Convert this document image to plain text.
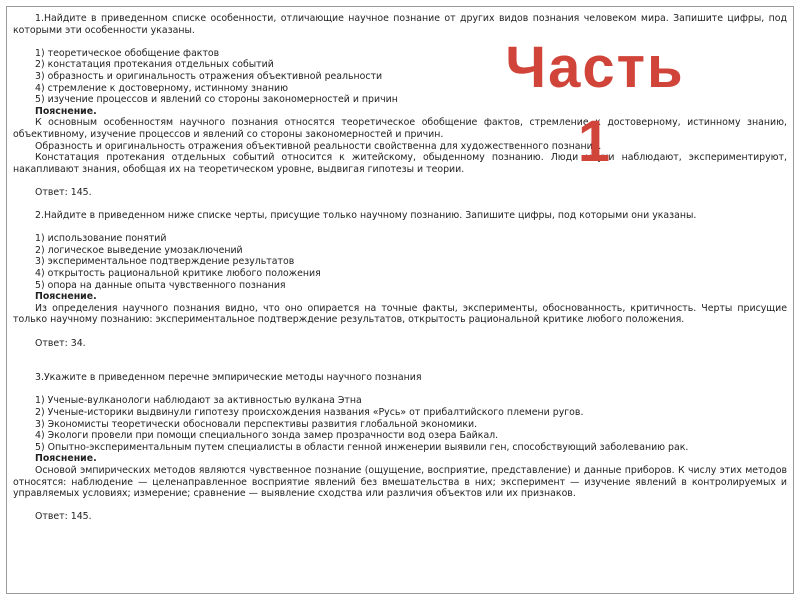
1.Найдите в приведенном списке особенности, отличающие научное познание от других видов познания человеком мира. Запишите цифры, под которыми эти особенности указаны.

1) теоретическое обобщение фактов

2) констатация протекания отдельных событий

3) образность и оригинальность отражения объективной реальности

4) стремление к достоверному, истинному знанию

5) изучение процессов и явлений со стороны закономерностей и причин

Пояснение.

К основным особенностям научного познания относятся теоретическое обобщение фактов, стремление к достоверному, истинному знанию, объективному, изучение процессов и явлений со стороны закономерностей и причин.

Образность и оригинальность отражения объективной реальности свойственна для художественного познания.

Констатация протекания отдельных событий относится к житейскому, обыденному познанию. Люди науки наблюдают, экспериментируют, накапливают знания, обобщая их на теоретическом уровне, выдвигая гипотезы и теории.

Ответ: 145.

2.Найдите в приведенном ниже списке черты, присущие только научному познанию. Запишите цифры, под которыми они указаны.

1) использование понятий

2) логическое выведение умозаключений

3) экспериментальное подтверждение результатов

4) открытость рациональной критике любого положения

5) опора на данные опыта чувственного познания

Пояснение.

Из определения научного познания видно, что оно опирается на точные факты, эксперименты, обоснованность, критичность. Черты присущие только научному познанию: экспериментальное подтверждение результатов, открытость рациональной критике любого положения.

Ответ: 34.

3.Укажите в приведенном перечне эмпирические методы научного познания

1) Ученые-вулканологи наблюдают за активностью вулкана Этна

2) Ученые-историки выдвинули гипотезу происхождения названия «Русь» от прибалтийского племени ругов.

3) Экономисты теоретически обосновали перспективы развития глобальной экономики.

4) Экологи провели при помощи специального зонда замер прозрачности вод озера Байкал.

5) Опытно-экспериментальным путем специалисты в области генной инженерии выявили ген, способствующий заболеванию рак.

Пояснение.

Основой эмпирических методов являются чувственное познание (ощущение, восприятие, представление) и данные приборов. К числу этих методов относятся: наблюдение — целенаправленное восприятие явлений без вмешательства в них; эксперимент — изучение явлений в контролируемых и управляемых условиях; измерение; сравнение — выявление сходства или различия объектов или их признаков.

Ответ: 145.

Часть
1
